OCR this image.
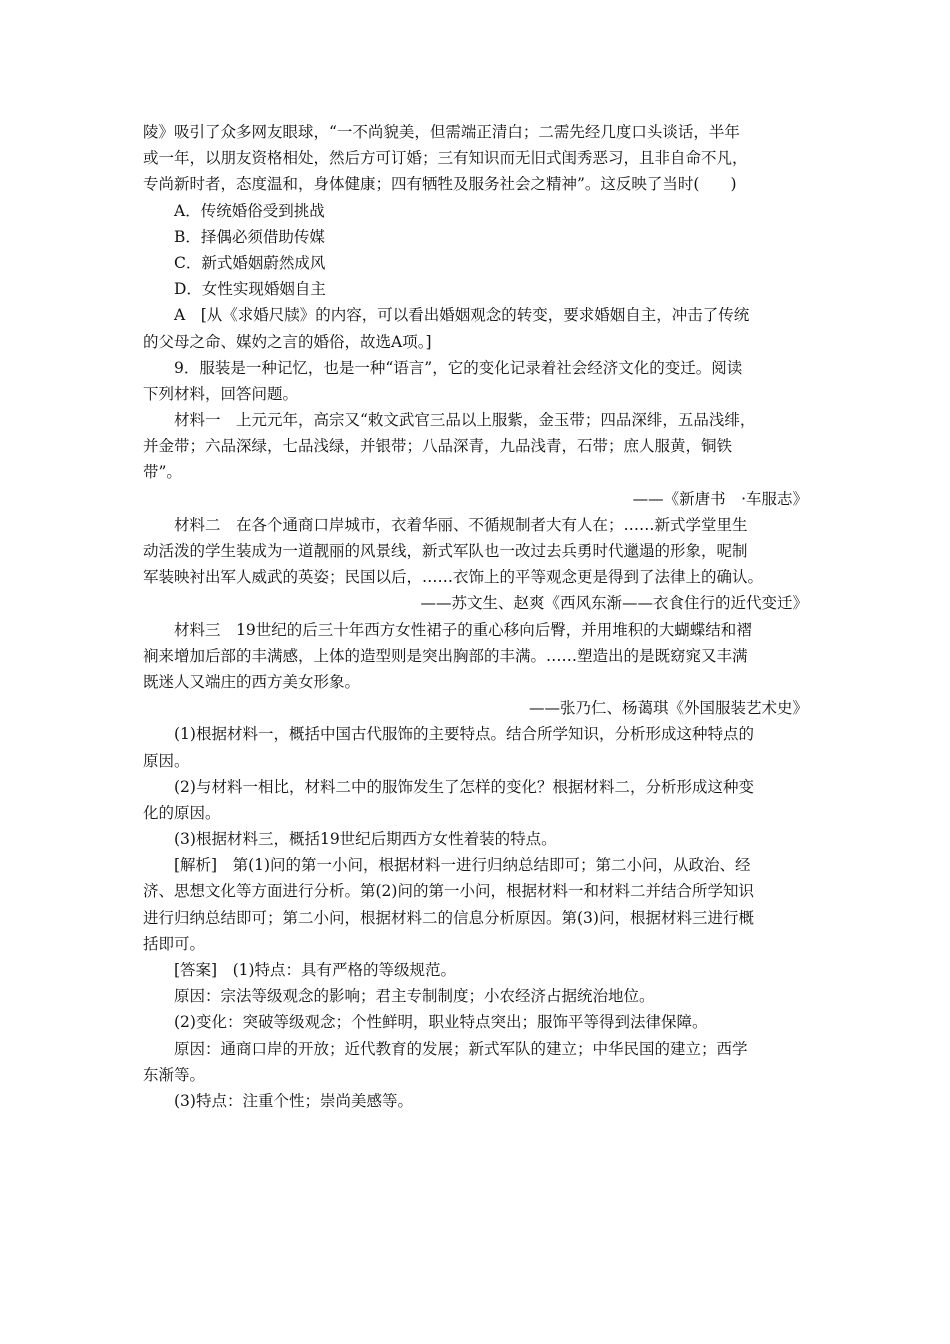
陵》吸引了众多网友眼球，“一不尚貌美，但需端正清白；二需先经几度口头谈话，半年
或一年，以朋友资格相处，然后方可订婚；三有知识而无旧式闺秀恶习，且非自命不凡，
专尚新时者，态度温和，身体健康；四有牺牲及服务社会之精神”。这反映了当时(　　)
A．传统婚俗受到挑战
B．择偶必须借助传媒
C．新式婚姻蔚然成风
D．女性实现婚姻自主
A　[从《求婚尺牍》的内容，可以看出婚姻观念的转变，要求婚姻自主，冲击了传统
的父母之命、媒妁之言的婚俗，故选A项。]
9．服装是一种记忆，也是一种“语言”，它的变化记录着社会经济文化的变迁。阅读
下列材料，回答问题。
材料一　上元元年，高宗又“敕文武官三品以上服紫，金玉带；四品深绯，五品浅绯，
并金带；六品深绿，七品浅绿，并银带；八品深青，九品浅青，石带；庶人服黄，铜铁
带”。
——《新唐书　·车服志》
材料二　在各个通商口岸城市，衣着华丽、不循规制者大有人在；……新式学堂里生
动活泼的学生装成为一道靓丽的风景线，新式军队也一改过去兵勇时代邋遢的形象，呢制
军装映衬出军人威武的英姿；民国以后，……衣饰上的平等观念更是得到了法律上的确认。
——苏文生、赵爽《西风东渐——衣食住行的近代变迁》
材料三　19世纪的后三十年西方女性裙子的重心移向后臀，并用堆积的大蝴蝶结和褶
裥来增加后部的丰满感，上体的造型则是突出胸部的丰满。……塑造出的是既窈窕又丰满
既迷人又端庄的西方美女形象。
——张乃仁、杨蔼琪《外国服装艺术史》
(1)根据材料一，概括中国古代服饰的主要特点。结合所学知识，分析形成这种特点的
原因。
(2)与材料一相比，材料二中的服饰发生了怎样的变化？根据材料二，分析形成这种变
化的原因。
(3)根据材料三，概括19世纪后期西方女性着装的特点。
[解析]　第(1)问的第一小问，根据材料一进行归纳总结即可；第二小问，从政治、经
济、思想文化等方面进行分析。第(2)问的第一小问，根据材料一和材料二并结合所学知识
进行归纳总结即可；第二小问，根据材料二的信息分析原因。第(3)问，根据材料三进行概
括即可。
[答案]　(1)特点：具有严格的等级规范。
原因：宗法等级观念的影响；君主专制制度；小农经济占据统治地位。
(2)变化：突破等级观念；个性鲜明，职业特点突出；服饰平等得到法律保障。
原因：通商口岸的开放；近代教育的发展；新式军队的建立；中华民国的建立；西学
东渐等。
(3)特点：注重个性；崇尚美感等。
